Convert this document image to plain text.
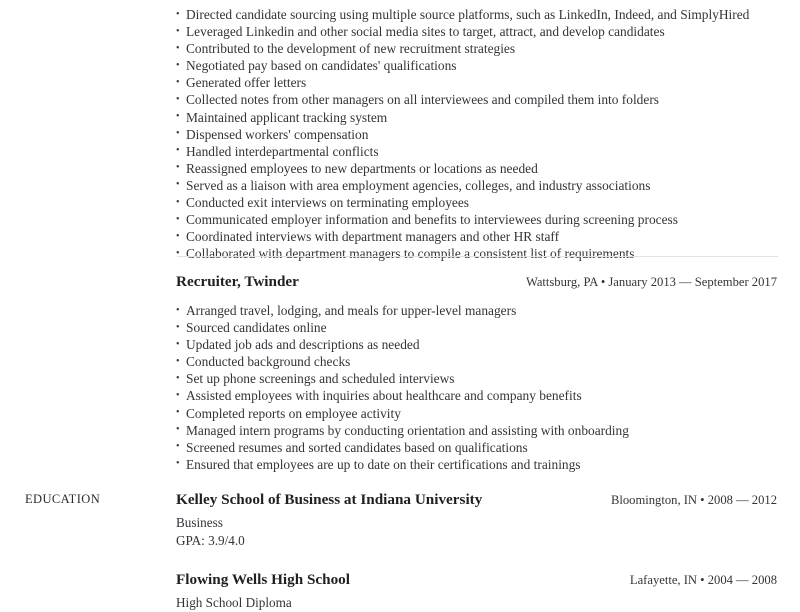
• Directed candidate sourcing using multiple source platforms, such as LinkedIn, Indeed, and SimplyHired
• Leveraged Linkedin and other social media sites to target, attract, and develop candidates
• Contributed to the development of new recruitment strategies
• Negotiated pay based on candidates' qualifications
• Generated offer letters
• Collected notes from other managers on all interviewees and compiled them into folders
• Maintained applicant tracking system
• Dispensed workers' compensation
• Handled interdepartmental conflicts
• Reassigned employees to new departments or locations as needed
• Served as a liaison with area employment agencies, colleges, and industry associations
• Conducted exit interviews on terminating employees
• Communicated employer information and benefits to interviewees during screening process
• Coordinated interviews with department managers and other HR staff
• Collaborated with department managers to compile a consistent list of requirements
Recruiter, Twinder	Wattsburg, PA • January 2013 — September 2017
• Arranged travel, lodging, and meals for upper-level managers
• Sourced candidates online
• Updated job ads and descriptions as needed
• Conducted background checks
• Set up phone screenings and scheduled interviews
• Assisted employees with inquiries about healthcare and company benefits
• Completed reports on employee activity
• Managed intern programs by conducting orientation and assisting with onboarding
• Screened resumes and sorted candidates based on qualifications
• Ensured that employees are up to date on their certifications and trainings
EDUCATION	Kelley School of Business at Indiana University	Bloomington, IN • 2008 — 2012
Business
GPA: 3.9/4.0
Flowing Wells High School	Lafayette, IN • 2004 — 2008
High School Diploma
